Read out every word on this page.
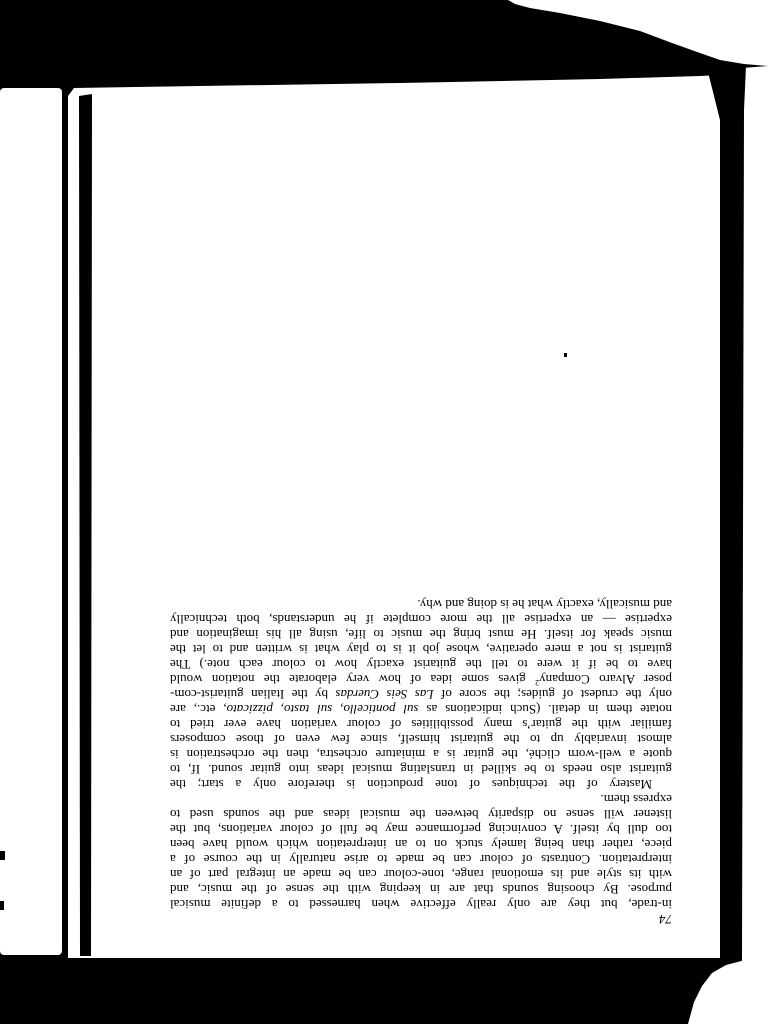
74
in-trade, but they are only really effective when harnessed to a definite musical
purpose. By choosing sounds that are in keeping with the sense of the music, and
with its style and its emotional range, tone-colour can be made an integral part of an
interpretation. Contrasts of colour can be made to arise naturally in the course of a
piece, rather than being lamely stuck on to an interpretation which would have been
too dull by itself. A convincing performance may be full of colour variations, but the
listener will sense no disparity between the musical ideas and the sounds used to
express them.
Mastery of the techniques of tone production is therefore only a start; the
guitarist also needs to be skilled in translating musical ideas into guitar sound. If, to
quote a well-worn cliché, the guitar is a miniature orchestra, then the orchestration is
almost invariably up to the guitarist himself, since few even of those composers
familiar with the guitar’s many possibilities of colour variation have ever tried to
notate them in detail. (Such indications as sul ponticello, sul tasto, pizzicato, etc., are
only the crudest of guides; the score of Las Seis Cuerdas by the Italian guitarist-com-
poser Alvaro Company$^2$ gives some idea of how very elaborate the notation would
have to be if it were to tell the guitarist exactly how to colour each note.) The
guitarist is not a mere operative, whose job it is to play what is written and to let the
music speak for itself. He must bring the music to life, using all his imagination and
expertise — an expertise all the more complete if he understands, both technically
and musically, exactly what he is doing and why.
